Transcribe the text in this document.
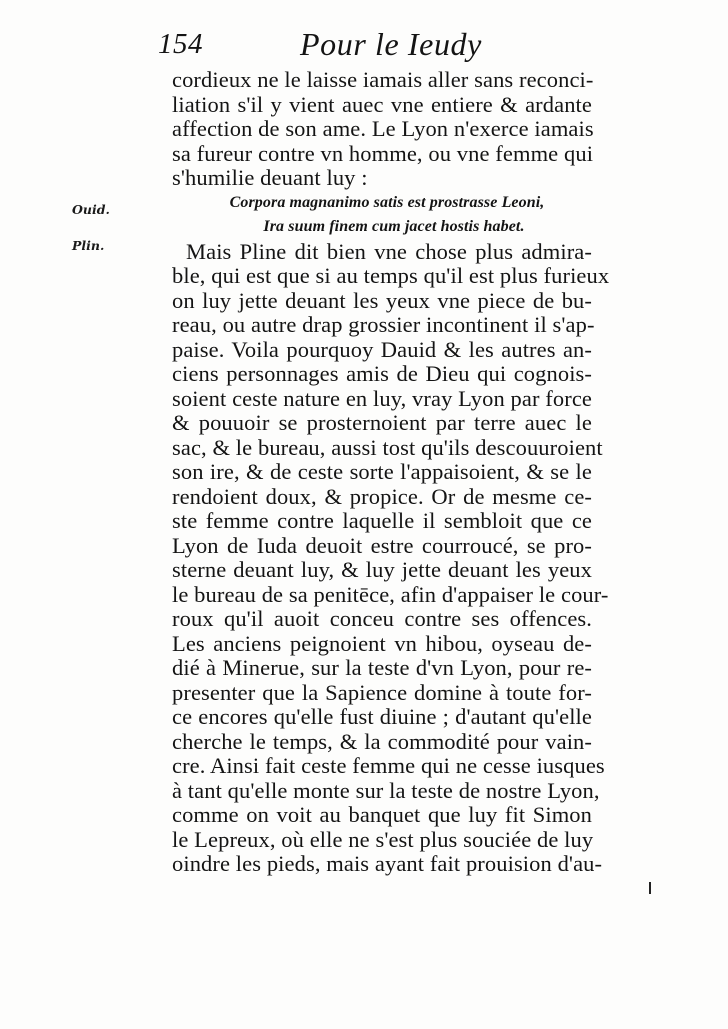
154	Pour le Ieudy
Ouid.
Plin.
cordieux ne le laisse iamais aller sans reconci-
liation s'il y vient auec vne entiere & ardante
affection de son ame. Le Lyon n'exerce iamais
sa fureur contre vn homme, ou vne femme qui
s'humilie deuant luy :
Corpora magnanimo satis est prostrasse Leoni,
Ira suum finem cum jacet hostis habet.
Mais Pline dit bien vne chose plus admira-
ble, qui est que si au temps qu'il est plus furieux
on luy jette deuant les yeux vne piece de bu-
reau, ou autre drap grossier incontinent il s'ap-
paise. Voila pourquoy Dauid & les autres an-
ciens personnages amis de Dieu qui cognois-
soient ceste nature en luy, vray Lyon par force
& pouuoir se prosternoient par terre auec le
sac, & le bureau, aussi tost qu'ils descouuroient
son ire, & de ceste sorte l'appaisoient, & se le
rendoient doux, & propice. Or de mesme ce-
ste femme contre laquelle il sembloit que ce
Lyon de Iuda deuoit estre courroucé, se pro-
sterne deuant luy, & luy jette deuant les yeux
le bureau de sa penitēce, afin d'appaiser le cour-
roux qu'il auoit conceu contre ses offences.
Les anciens peignoient vn hibou, oyseau de-
dié à Minerue, sur la teste d'vn Lyon, pour re-
presenter que la Sapience domine à toute for-
ce encores qu'elle fust diuine ; d'autant qu'elle
cherche le temps, & la commodité pour vain-
cre. Ainsi fait ceste femme qui ne cesse iusques
à tant qu'elle monte sur la teste de nostre Lyon,
comme on voit au banquet que luy fit Simon
le Lepreux, où elle ne s'est plus souciée de luy
oindre les pieds, mais ayant fait prouision d'au-
